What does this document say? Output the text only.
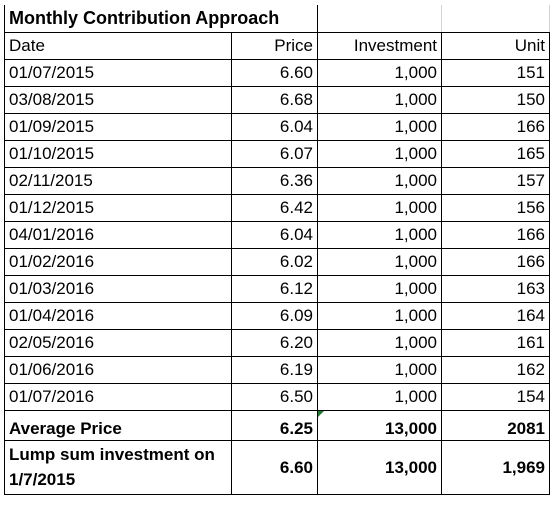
Monthly Contribution Approach			
Date	Price	Investment	Unit
01/07/2015	6.60	1,000	151
03/08/2015	6.68	1,000	150
01/09/2015	6.04	1,000	166
01/10/2015	6.07	1,000	165
02/11/2015	6.36	1,000	157
01/12/2015	6.42	1,000	156
04/01/2016	6.04	1,000	166
01/02/2016	6.02	1,000	166
01/03/2016	6.12	1,000	163
01/04/2016	6.09	1,000	164
02/05/2016	6.20	1,000	161
01/06/2016	6.19	1,000	162
01/07/2016	6.50	1,000	154
Average Price	6.25	13,000	2081
Lump sum investment on 1/7/2015	6.60	13,000	1,969
